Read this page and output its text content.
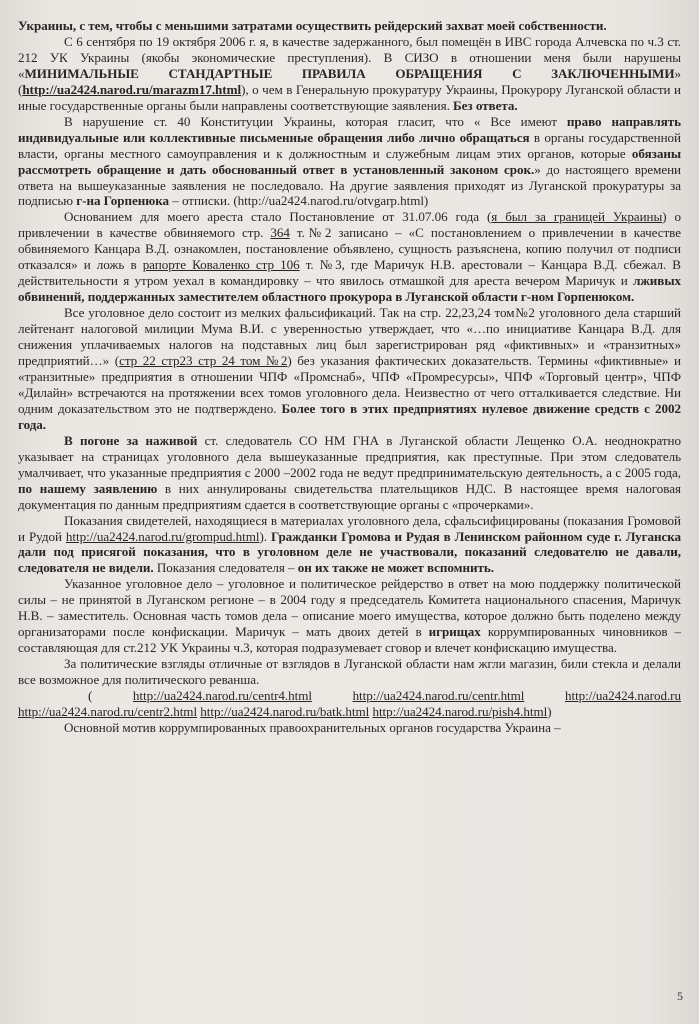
Украины, с тем, чтобы с меньшими затратами осуществить рейдерский захват моей собственности.

С 6 сентября по 19 октября 2006 г. я, в качестве задержанного, был помещён в ИВС города Алчевска по ч.3 ст. 212 УК Украины (якобы экономические преступления). В СИЗО в отношении меня были нарушены «МИНИМАЛЬНЫЕ СТАНДАРТНЫЕ ПРАВИЛА ОБРАЩЕНИЯ С ЗАКЛЮЧЕННЫМИ» (http://ua2424.narod.ru/marazm17.html), о чем в Генеральную прокуратуру Украины, Прокурору Луганской области и иные государственные органы были направлены соответствующие заявления. Без ответа.

В нарушение ст. 40 Конституции Украины, которая гласит, что « Все имеют право направлять индивидуальные или коллективные письменные обращения либо лично обращаться в органы государственной власти, органы местного самоуправления и к должностным и служебным лицам этих органов, которые обязаны рассмотреть обращение и дать обоснованный ответ в установленный законом срок.» до настоящего времени ответа на вышеуказанные заявления не последовало. На другие заявления приходят из Луганской прокуратуры за подписью г-на Горпенюка – отписки. (http://ua2424.narod.ru/otvgarp.html)

Основанием для моего ареста стало Постановление от 31.07.06 года (я был за границей Украины) о привлечении в качестве обвиняемого стр. 364 т.№2 записано – «С постановлением о привлечении в качестве обвиняемого Канцара В.Д. ознакомлен, постановление объявлено, сущность разъяснена, копию получил от подписи отказался» и ложь в рапорте Коваленко стр 106 т. №3, где Маричук Н.В. арестовали – Канцара В.Д. сбежал. В действительности я утром уехал в командировку – что явилось отмашкой для ареста вечером Маричук и лживых обвинений, поддержанных заместителем областного прокурора в Луганской области г-ном Горпенюком.

Все уголовное дело состоит из мелких фальсификаций. Так на стр. 22,23,24 том№2 уголовного дела старший лейтенант налоговой милиции Мума В.И. с уверенностью утверждает, что «…по инициативе Канцара В.Д. для снижения уплачиваемых налогов на подставных лиц был зарегистрирован ряд «фиктивных» и «транзитных» предприятий…» (стр 22 стр23 стр 24 том №2) без указания фактических доказательств. Термины «фиктивные» и «транзитные» предприятия в отношении ЧПФ «Промснаб», ЧПФ «Промресурсы», ЧПФ «Торговый центр», ЧПФ «Дилайн» встречаются на протяжении всех томов уголовного дела. Неизвестно от чего отталкивается следствие. Ни одним доказательством это не подтверждено. Более того в этих предприятиях нулевое движение средств с 2002 года.

В погоне за наживой ст. следователь СО НМ ГНА в Луганской области Лещенко О.А. неоднократно указывает на страницах уголовного дела вышеуказанные предприятия, как преступные. При этом следователь умалчивает, что указанные предприятия с 2000 –2002 года не ведут предпринимательскую деятельность, а с 2005 года, по нашему заявлению в них аннулированы свидетельства плательщиков НДС. В настоящее время налоговая документация по данным предприятиям сдается в соответствующие органы с «прочерками».

Показания свидетелей, находящиеся в материалах уголовного дела, сфальсифицированы (показания Громовой и Рудой http://ua2424.narod.ru/grompud.html). Гражданки Громова и Рудая в Ленинском районном суде г. Луганска дали под присягой показания, что в уголовном деле не участвовали, показаний следователю не давали, следователя не видели. Показания следователя – он их также не может вспомнить.

Указанное уголовное дело – уголовное и политическое рейдерство в ответ на мою поддержку политической силы – не принятой в Луганском регионе – в 2004 году я председатель Комитета национального спасения, Маричук Н.В. – заместитель. Основная часть томов дела – описание моего имущества, которое должно быть поделено между организаторами после конфискации. Маричук – мать двоих детей в игрищах коррумпированных чиновников – составляющая для ст.212 УК Украины ч.3, которая подразумевает сговор и влечет конфискацию имущества.

За политические взгляды отличные от взглядов в Луганской области нам жгли магазин, били стекла и делали все возможное для политического реванша.

( http://ua2424.narod.ru/centr4.html	http://ua2424.narod.ru/centr.html	http://ua2424.narod.ru http://ua2424.narod.ru/centr2.html http://ua2424.narod.ru/batk.html http://ua2424.narod.ru/pish4.html)

Основной мотив коррумпированных правоохранительных органов государства Украина –

5
